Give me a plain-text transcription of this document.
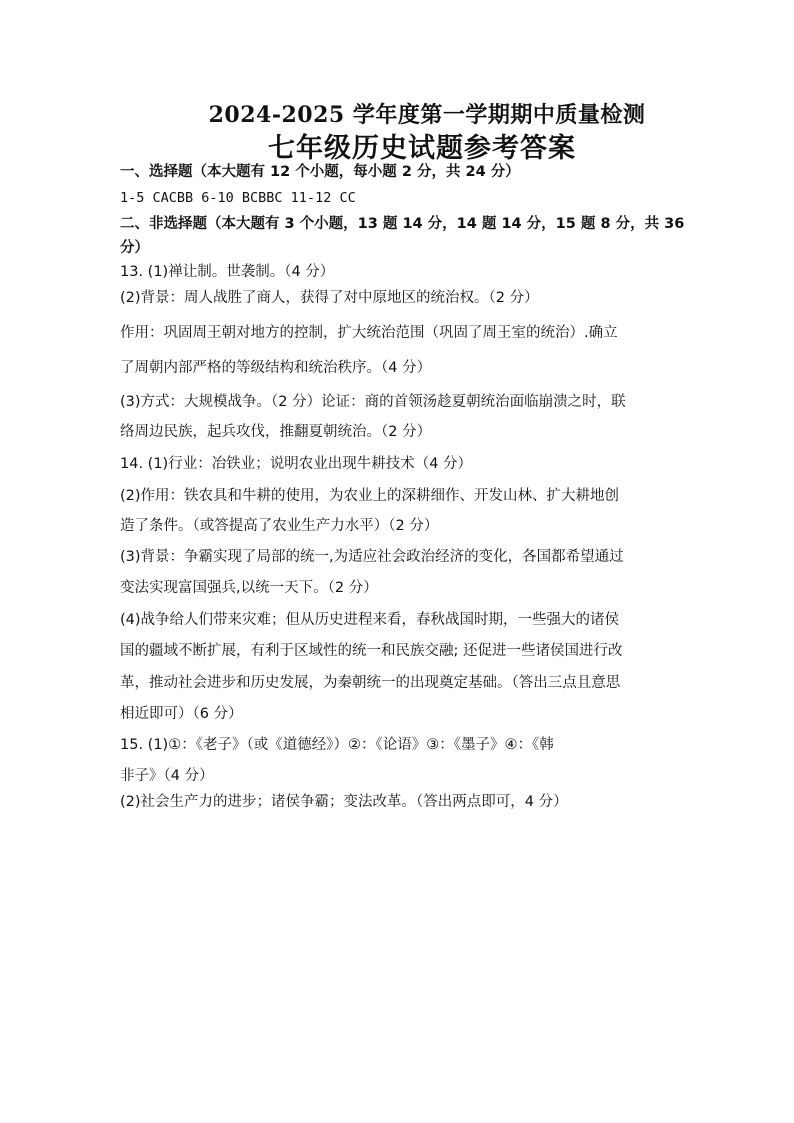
2024-2025 学年度第一学期期中质量检测
七年级历史试题参考答案
一、选择题（本大题有 12 个小题，每小题 2 分，共 24 分）
1-5 CACBB 6-10 BCBBC 11-12 CC
二、非选择题（本大题有 3 个小题，13 题 14 分，14 题 14 分，15 题 8 分，共 36
分）
13. (1)禅让制。世袭制。（4 分）
(2)背景：周人战胜了商人，获得了对中原地区的统治权。（2 分）
作用：巩固周王朝对地方的控制，扩大统治范围（巩固了周王室的统治）.确立
了周朝内部严格的等级结构和统治秩序。（4 分）
(3)方式：大规模战争。（2 分）论证：商的首领汤趁夏朝统治面临崩溃之时，联
络周边民族，起兵攻伐，推翻夏朝统治。（2 分）
14. (1)行业：冶铁业；说明农业出现牛耕技术（4 分）
(2)作用：铁农具和牛耕的使用，为农业上的深耕细作、开发山林、扩大耕地创
造了条件。（或答提高了农业生产力水平）（2 分）
(3)背景：争霸实现了局部的统一,为适应社会政治经济的变化，各国都希望通过
变法实现富国强兵,以统一天下。（2 分）
(4)战争给人们带来灾难；但从历史进程来看，春秋战国时期，一些强大的诸侯
国的疆域不断扩展，有利于区域性的统一和民族交融; 还促进一些诸侯国进行改
革，推动社会进步和历史发展，为秦朝统一的出现奠定基础。（答出三点且意思
相近即可）（6 分）
15. (1)①：《老子》（或《道德经》）②：《论语》③：《墨子》④：《韩
非子》（4 分）
(2)社会生产力的进步；诸侯争霸；变法改革。（答出两点即可，4 分）
